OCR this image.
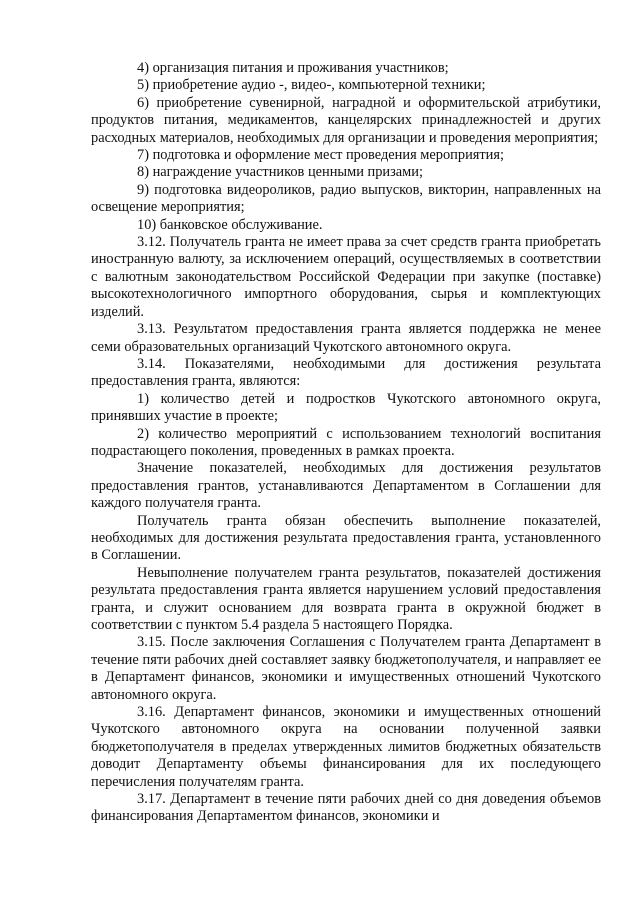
4) организация питания и проживания участников;

5) приобретение аудио -, видео-, компьютерной техники;

6) приобретение сувенирной, наградной и оформительской атрибутики, продуктов питания, медикаментов, канцелярских принадлежностей и других расходных материалов, необходимых для организации и проведения мероприятия;

7) подготовка и оформление мест проведения мероприятия;

8) награждение участников ценными призами;

9) подготовка видеороликов, радио выпусков, викторин, направленных на освещение мероприятия;

10) банковское обслуживание.

3.12. Получатель гранта не имеет права за счет средств гранта приобретать иностранную валюту, за исключением операций, осуществляемых в соответствии с валютным законодательством Российской Федерации при закупке (поставке) высокотехнологичного импортного оборудования, сырья и комплектующих изделий.

3.13. Результатом предоставления гранта является поддержка не менее семи образовательных организаций Чукотского автономного округа.

3.14. Показателями, необходимыми для достижения результата предоставления гранта, являются:

1) количество детей и подростков Чукотского автономного округа, принявших участие в проекте;

2) количество мероприятий с использованием технологий воспитания подрастающего поколения, проведенных в рамках проекта.

Значение показателей, необходимых для достижения результатов предоставления грантов, устанавливаются Департаментом в Соглашении для каждого получателя гранта.

Получатель гранта обязан обеспечить выполнение показателей, необходимых для достижения результата предоставления гранта, установленного в Соглашении.

Невыполнение получателем гранта результатов, показателей достижения результата предоставления гранта является нарушением условий предоставления гранта, и служит основанием для возврата гранта в окружной бюджет в соответствии с пунктом 5.4 раздела 5 настоящего Порядка.

3.15. После заключения Соглашения с Получателем гранта Департамент в течение пяти рабочих дней составляет заявку бюджетополучателя, и направляет ее в Департамент финансов, экономики и имущественных отношений Чукотского автономного округа.

3.16. Департамент финансов, экономики и имущественных отношений Чукотского автономного округа на основании полученной заявки бюджетополучателя в пределах утвержденных лимитов бюджетных обязательств доводит Департаменту объемы финансирования для их последующего перечисления получателям гранта.

3.17. Департамент в течение пяти рабочих дней со дня доведения объемов финансирования Департаментом финансов, экономики и
